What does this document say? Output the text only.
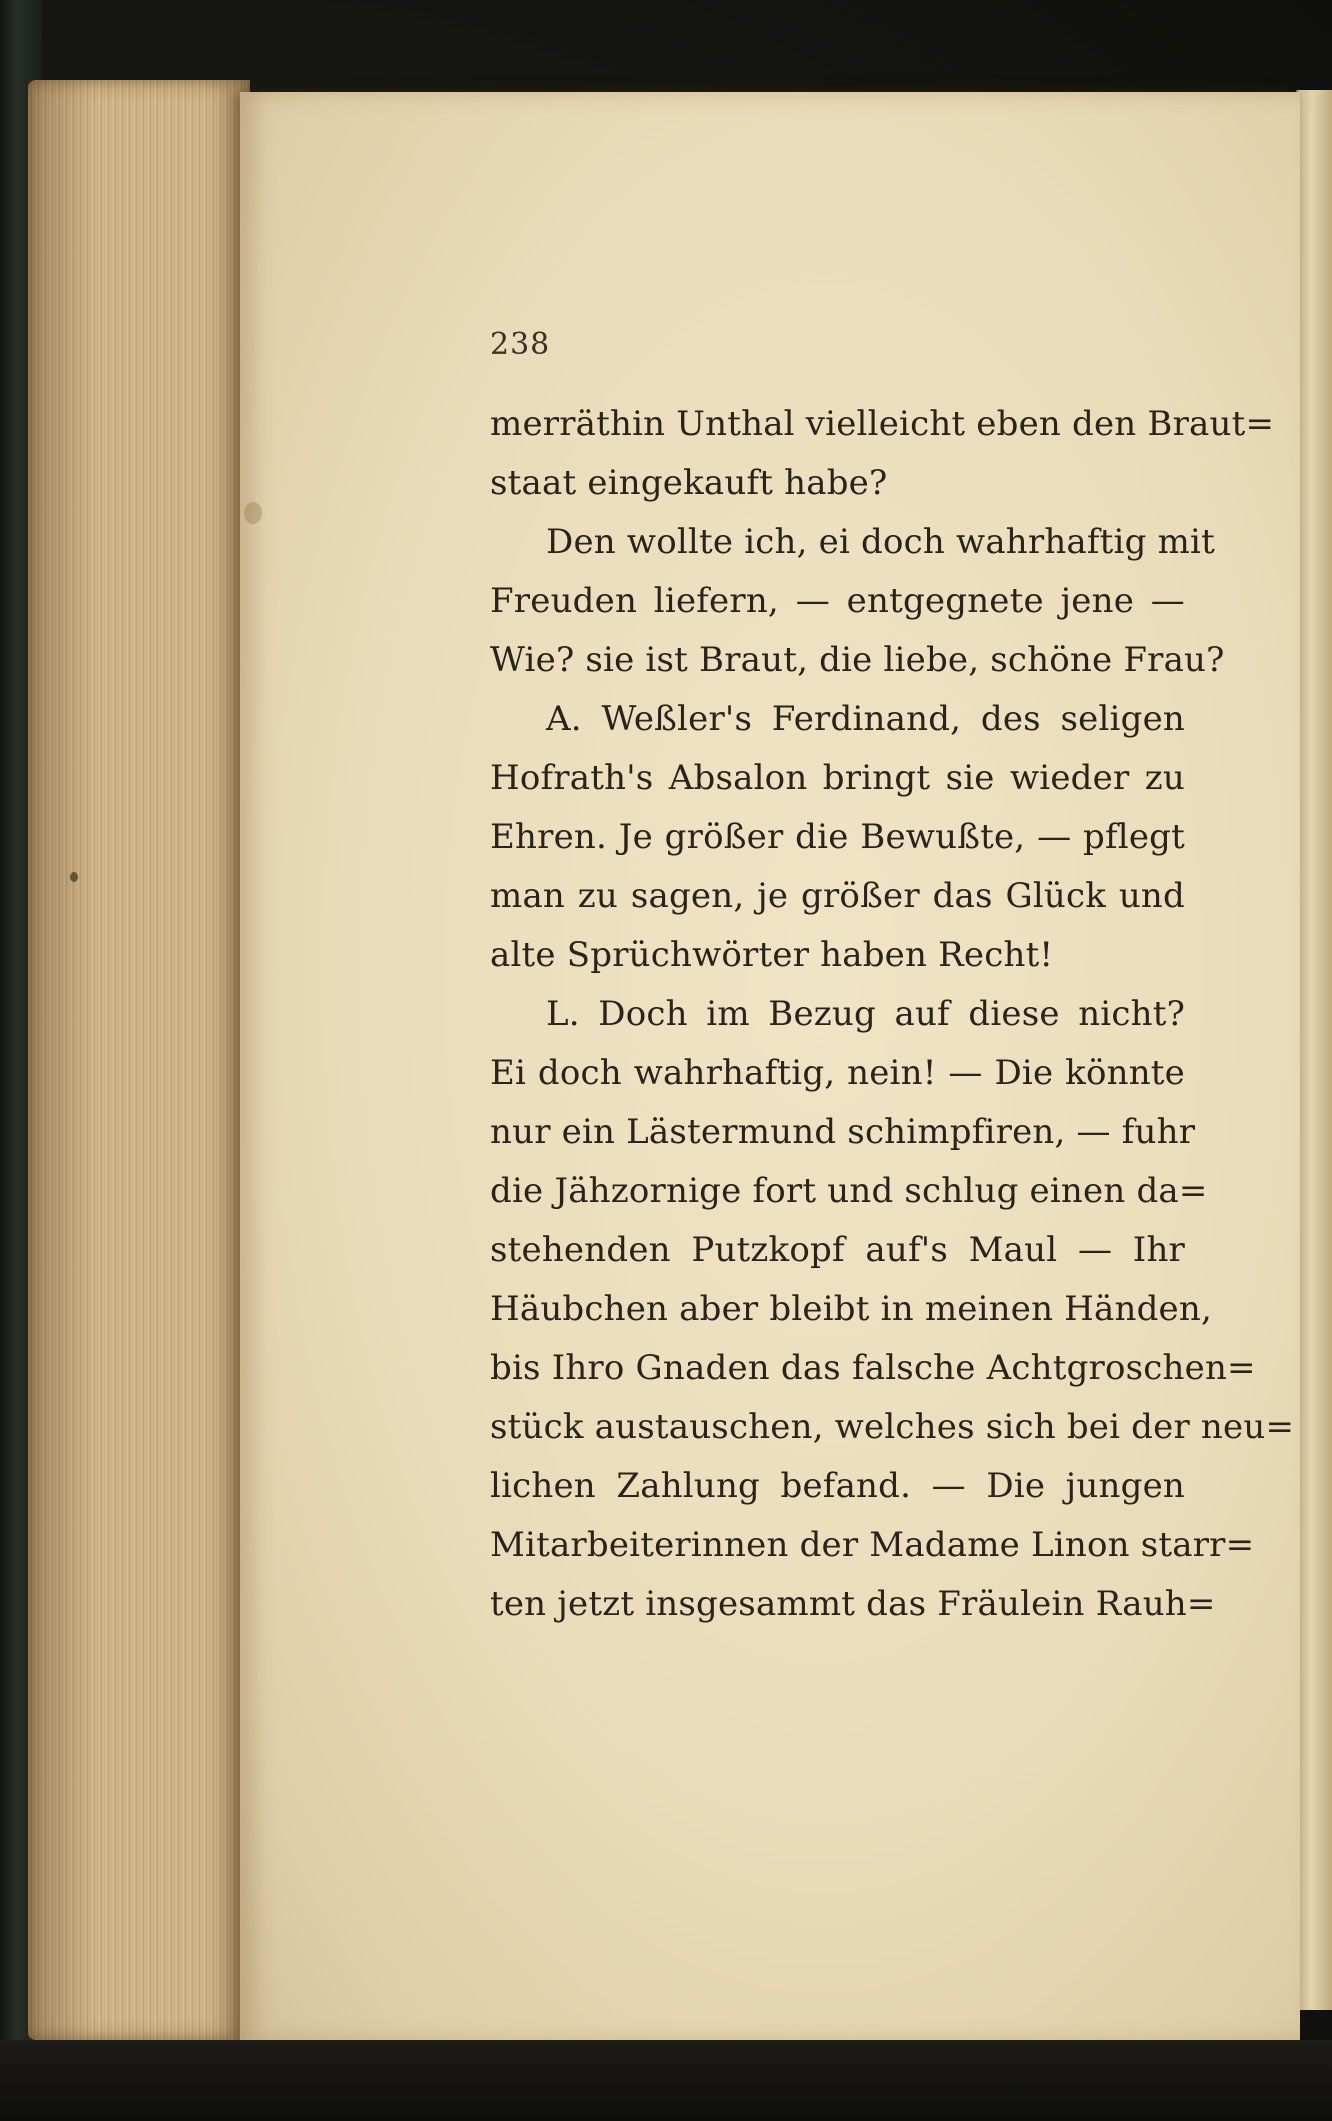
238
merräthin Unthal vielleicht eben den Braut=
staat eingekauft habe?
Den wollte ich, ei doch wahrhaftig mit
Freuden liefern, — entgegnete jene —
Wie? sie ist Braut, die liebe, schöne Frau?
A. Weßler's Ferdinand, des seligen
Hofrath's Absalon bringt sie wieder zu
Ehren. Je größer die Bewußte, — pflegt
man zu sagen, je größer das Glück und
alte Sprüchwörter haben Recht!
L. Doch im Bezug auf diese nicht?
Ei doch wahrhaftig, nein! — Die könnte
nur ein Lästermund schimpfiren, — fuhr
die Jähzornige fort und schlug einen da=
stehenden Putzkopf auf's Maul — Ihr
Häubchen aber bleibt in meinen Händen,
bis Ihro Gnaden das falsche Achtgroschen=
stück austauschen, welches sich bei der neu=
lichen Zahlung befand. — Die jungen
Mitarbeiterinnen der Madame Linon starr=
ten jetzt insgesammt das Fräulein Rauh=
